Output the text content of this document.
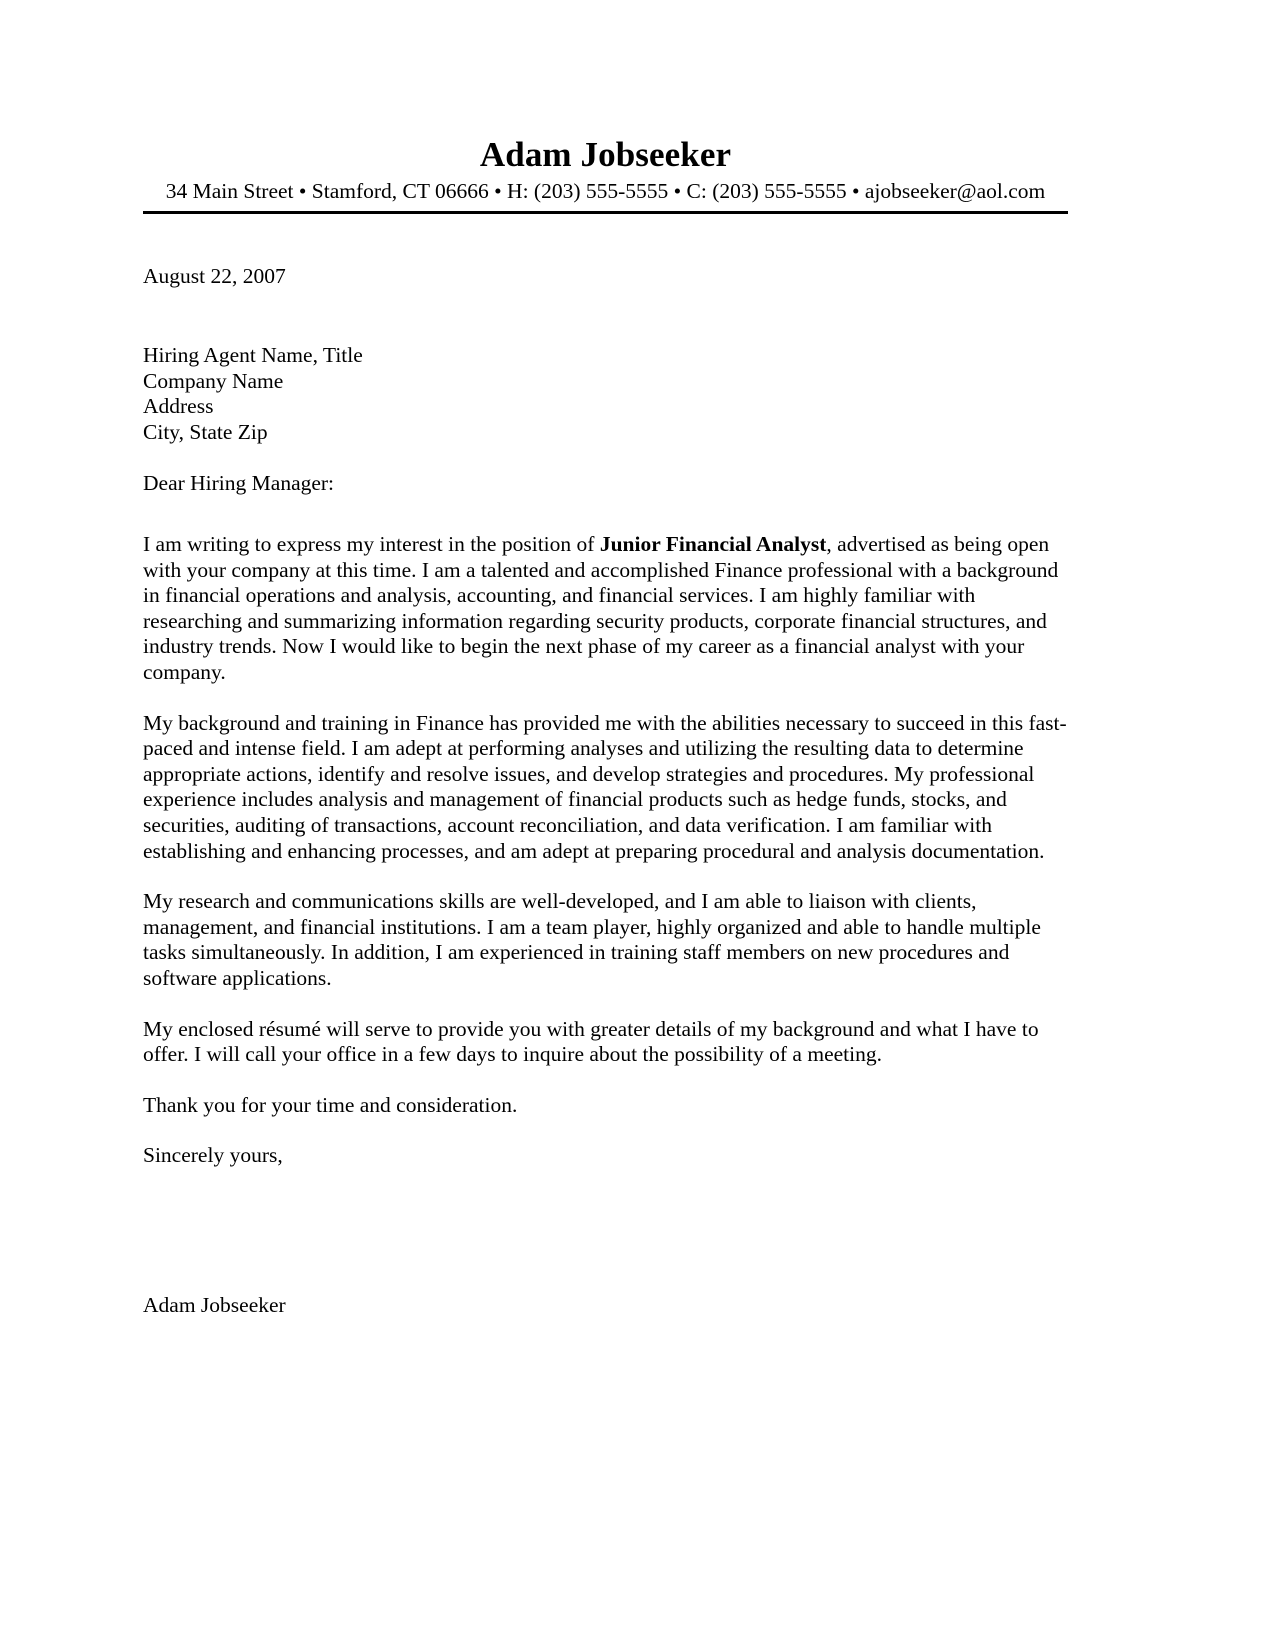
Adam Jobseeker
34 Main Street • Stamford, CT 06666 • H: (203) 555-5555 • C: (203) 555-5555 • ajobseeker@aol.com
August 22, 2007
Hiring Agent Name, Title
Company Name
Address
City, State Zip
Dear Hiring Manager:

I am writing to express my interest in the position of Junior Financial Analyst, advertised as being open with your company at this time. I am a talented and accomplished Finance professional with a background in financial operations and analysis, accounting, and financial services. I am highly familiar with researching and summarizing information regarding security products, corporate financial structures, and industry trends. Now I would like to begin the next phase of my career as a financial analyst with your company.

My background and training in Finance has provided me with the abilities necessary to succeed in this fast-paced and intense field. I am adept at performing analyses and utilizing the resulting data to determine appropriate actions, identify and resolve issues, and develop strategies and procedures. My professional experience includes analysis and management of financial products such as hedge funds, stocks, and securities, auditing of transactions, account reconciliation, and data verification. I am familiar with establishing and enhancing processes, and am adept at preparing procedural and analysis documentation.

My research and communications skills are well-developed, and I am able to liaison with clients, management, and financial institutions. I am a team player, highly organized and able to handle multiple tasks simultaneously. In addition, I am experienced in training staff members on new procedures and software applications.

My enclosed résumé will serve to provide you with greater details of my background and what I have to offer. I will call your office in a few days to inquire about the possibility of a meeting.

Thank you for your time and consideration.

Sincerely yours,

Adam Jobseeker
